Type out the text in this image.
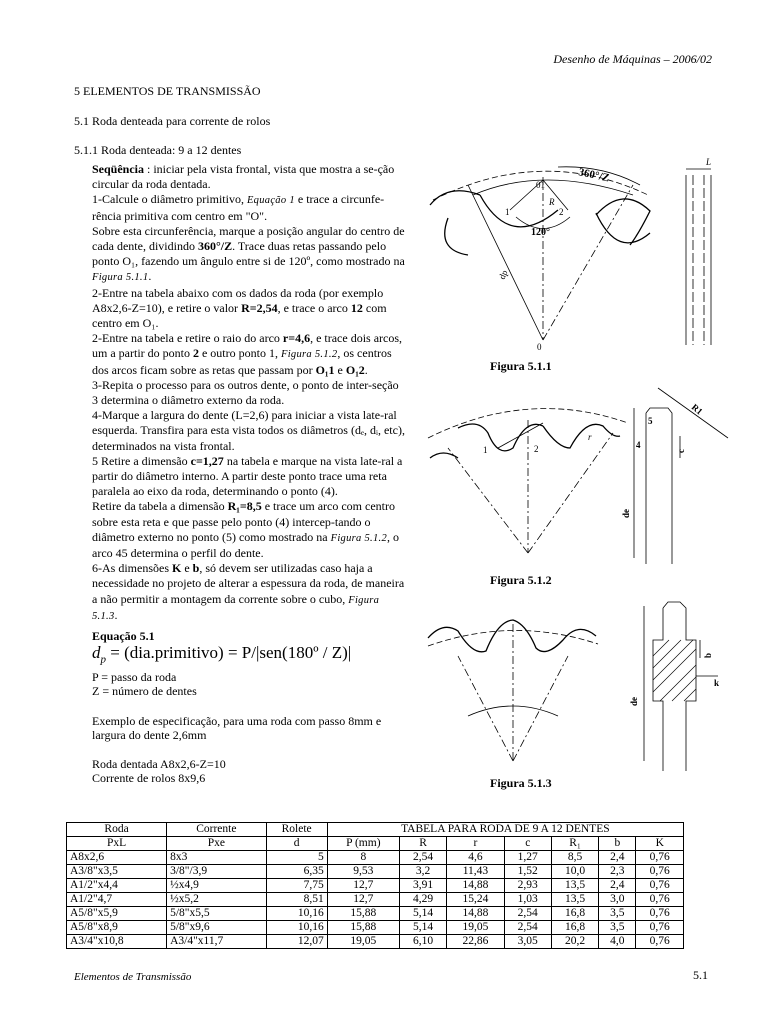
Desenho de Máquinas – 2006/02
5 ELEMENTOS DE TRANSMISSÃO
5.1 Roda denteada para corrente de rolos
5.1.1 Roda denteada: 9 a 12 dentes

Seqüência : iniciar pela vista frontal, vista que mostra a se-ção circular da roda dentada.

1-Calcule o diâmetro primitivo, Equação 1 e trace a circunfe-rência primitiva com centro em "O".

Sobre esta circunferência, marque a posição angular do centro de cada dente, dividindo 360°/Z. Trace duas retas passando pelo ponto O₁, fazendo um ângulo entre si de 120º, como mostrado na Figura 5.1.1.

2-Entre na tabela abaixo com os dados da roda (por exemplo A8x2,6-Z=10), e retire o valor R=2,54, e trace o arco 12 com centro em O₁.

2-Entre na tabela e retire o raio do arco r=4,6, e trace dois arcos, um a partir do ponto 2 e outro ponto 1, Figura 5.1.2, os centros dos arcos ficam sobre as retas que passam por O₁1 e O₁2.

3-Repita o processo para os outros dente, o ponto de inter-seção 3 determina o diâmetro externo da roda.

4-Marque a largura do dente (L=2,6) para iniciar a vista late-ral esquerda. Transfira para esta vista todos os diâmetros (dₑ, dᵢ, etc), determinados na vista frontal.

5 Retire a dimensão c=1,27 na tabela e marque na vista late-ral a partir do diâmetro interno. A partir deste ponto trace uma reta paralela ao eixo da roda, determinando o ponto (4).

Retire da tabela a dimensão R₁=8,5 e trace um arco com centro sobre esta reta e que passe pelo ponto (4) intercep-tando o diâmetro externo no ponto (5) como mostrado na Figura 5.1.2, o arco 45 determina o perfil do dente.

6-As dimensões K e b, só devem ser utilizadas caso haja a necessidade no projeto de alterar a espessura da roda, de maneira a não permitir a montagem da corrente sobre o cubo, Figura 5.1.3.

Equação 5.1
$d_p$ = (dia.primitivo) = P/|sen(180º / Z)|
P = passo da roda
Z = número de dentes
Exemplo de especificação, para uma roda com passo 8mm e
largura do dente 2,6mm
Roda dentada A8x2,6-Z=10
Corrente de rolos 8x9,6
360°/Z
120°
01
R
1	2
dp
0
L
Figura 5.1.1
R1
5
4
c
de
r
1	2
Figura 5.1.2
b
k
de
Figura 5.1.3
Roda	Corrente	Rolete	TABELA PARA RODA DE 9 A 12 DENTES						
PxL	Pxe	d	P (mm)	R	r	c	R₁	b	K
A8x2,6	8x3	5	8	2,54	4,6	1,27	8,5	2,4	0,76
A3/8"x3,5	3/8"/3,9	6,35	9,53	3,2	11,43	1,52	10,0	2,3	0,76
A1/2"x4,4	½x4,9	7,75	12,7	3,91	14,88	2,93	13,5	2,4	0,76
A1/2"4,7	½x5,2	8,51	12,7	4,29	15,24	1,03	13,5	3,0	0,76
A5/8"x5,9	5/8"x5,5	10,16	15,88	5,14	14,88	2,54	16,8	3,5	0,76
A5/8"x8,9	5/8"x9,6	10,16	15,88	5,14	19,05	2,54	16,8	3,5	0,76
A3/4"x10,8	A3/4"x11,7	12,07	19,05	6,10	22,86	3,05	20,2	4,0	0,76
Elementos de Transmissão	5.1
